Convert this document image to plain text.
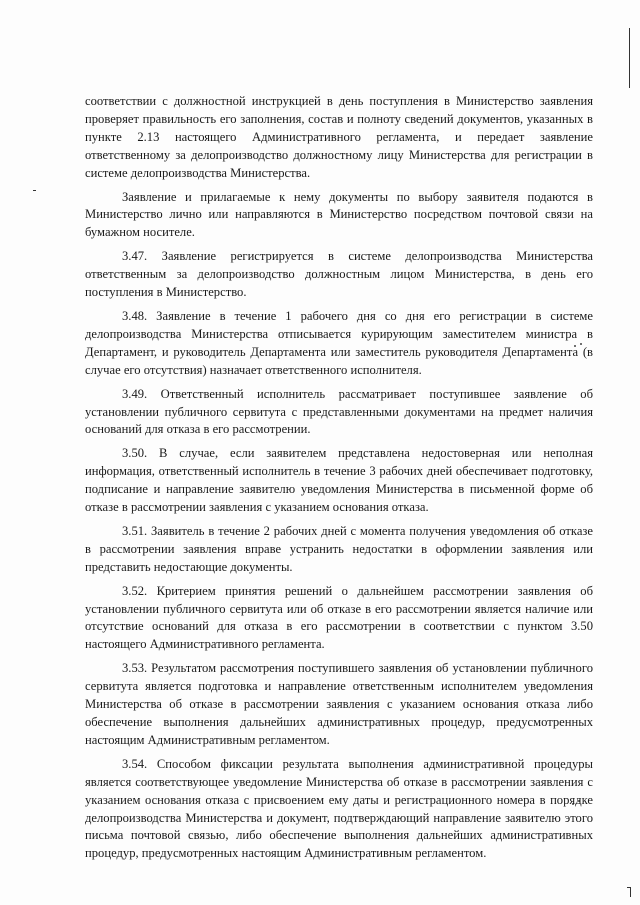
соответствии с должностной инструкцией в день поступления в Министерство заявления проверяет правильность его заполнения, состав и полноту сведений документов, указанных в пункте 2.13 настоящего Административного регламента, и передает заявление ответственному за делопроизводство должностному лицу Министерства для регистрации в системе делопроизводства Министерства.

Заявление и прилагаемые к нему документы по выбору заявителя подаются в Министерство лично или направляются в Министерство посредством почтовой связи на бумажном носителе.

3.47. Заявление регистрируется в системе делопроизводства Министерства ответственным за делопроизводство должностным лицом Министерства, в день его поступления в Министерство.

3.48. Заявление в течение 1 рабочего дня со дня его регистрации в системе делопроизводства Министерства отписывается курирующим заместителем министра в Департамент, и руководитель Департамента или заместитель руководителя Департамента (в случае его отсутствия) назначает ответственного исполнителя.

3.49. Ответственный исполнитель рассматривает поступившее заявление об установлении публичного сервитута с представленными документами на предмет наличия оснований для отказа в его рассмотрении.

3.50. В случае, если заявителем представлена недостоверная или неполная информация, ответственный исполнитель в течение 3 рабочих дней обеспечивает подготовку, подписание и направление заявителю уведомления Министерства в письменной форме об отказе в рассмотрении заявления с указанием основания отказа.

3.51. Заявитель в течение 2 рабочих дней с момента получения уведомления об отказе в рассмотрении заявления вправе устранить недостатки в оформлении заявления или представить недостающие документы.

3.52. Критерием принятия решений о дальнейшем рассмотрении заявления об установлении публичного сервитута или об отказе в его рассмотрении является наличие или отсутствие оснований для отказа в его рассмотрении в соответствии с пунктом 3.50 настоящего Административного регламента.

3.53. Результатом рассмотрения поступившего заявления об установлении публичного сервитута является подготовка и направление ответственным исполнителем уведомления Министерства об отказе в рассмотрении заявления с указанием основания отказа либо обеспечение выполнения дальнейших административных процедур, предусмотренных настоящим Административным регламентом.

3.54. Способом фиксации результата выполнения административной процедуры является соответствующее уведомление Министерства об отказе в рассмотрении заявления с указанием основания отказа с присвоением ему даты и регистрационного номера в порядке делопроизводства Министерства и документ, подтверждающий направление заявителю этого письма почтовой связью, либо обеспечение выполнения дальнейших административных процедур, предусмотренных настоящим Административным регламентом.
